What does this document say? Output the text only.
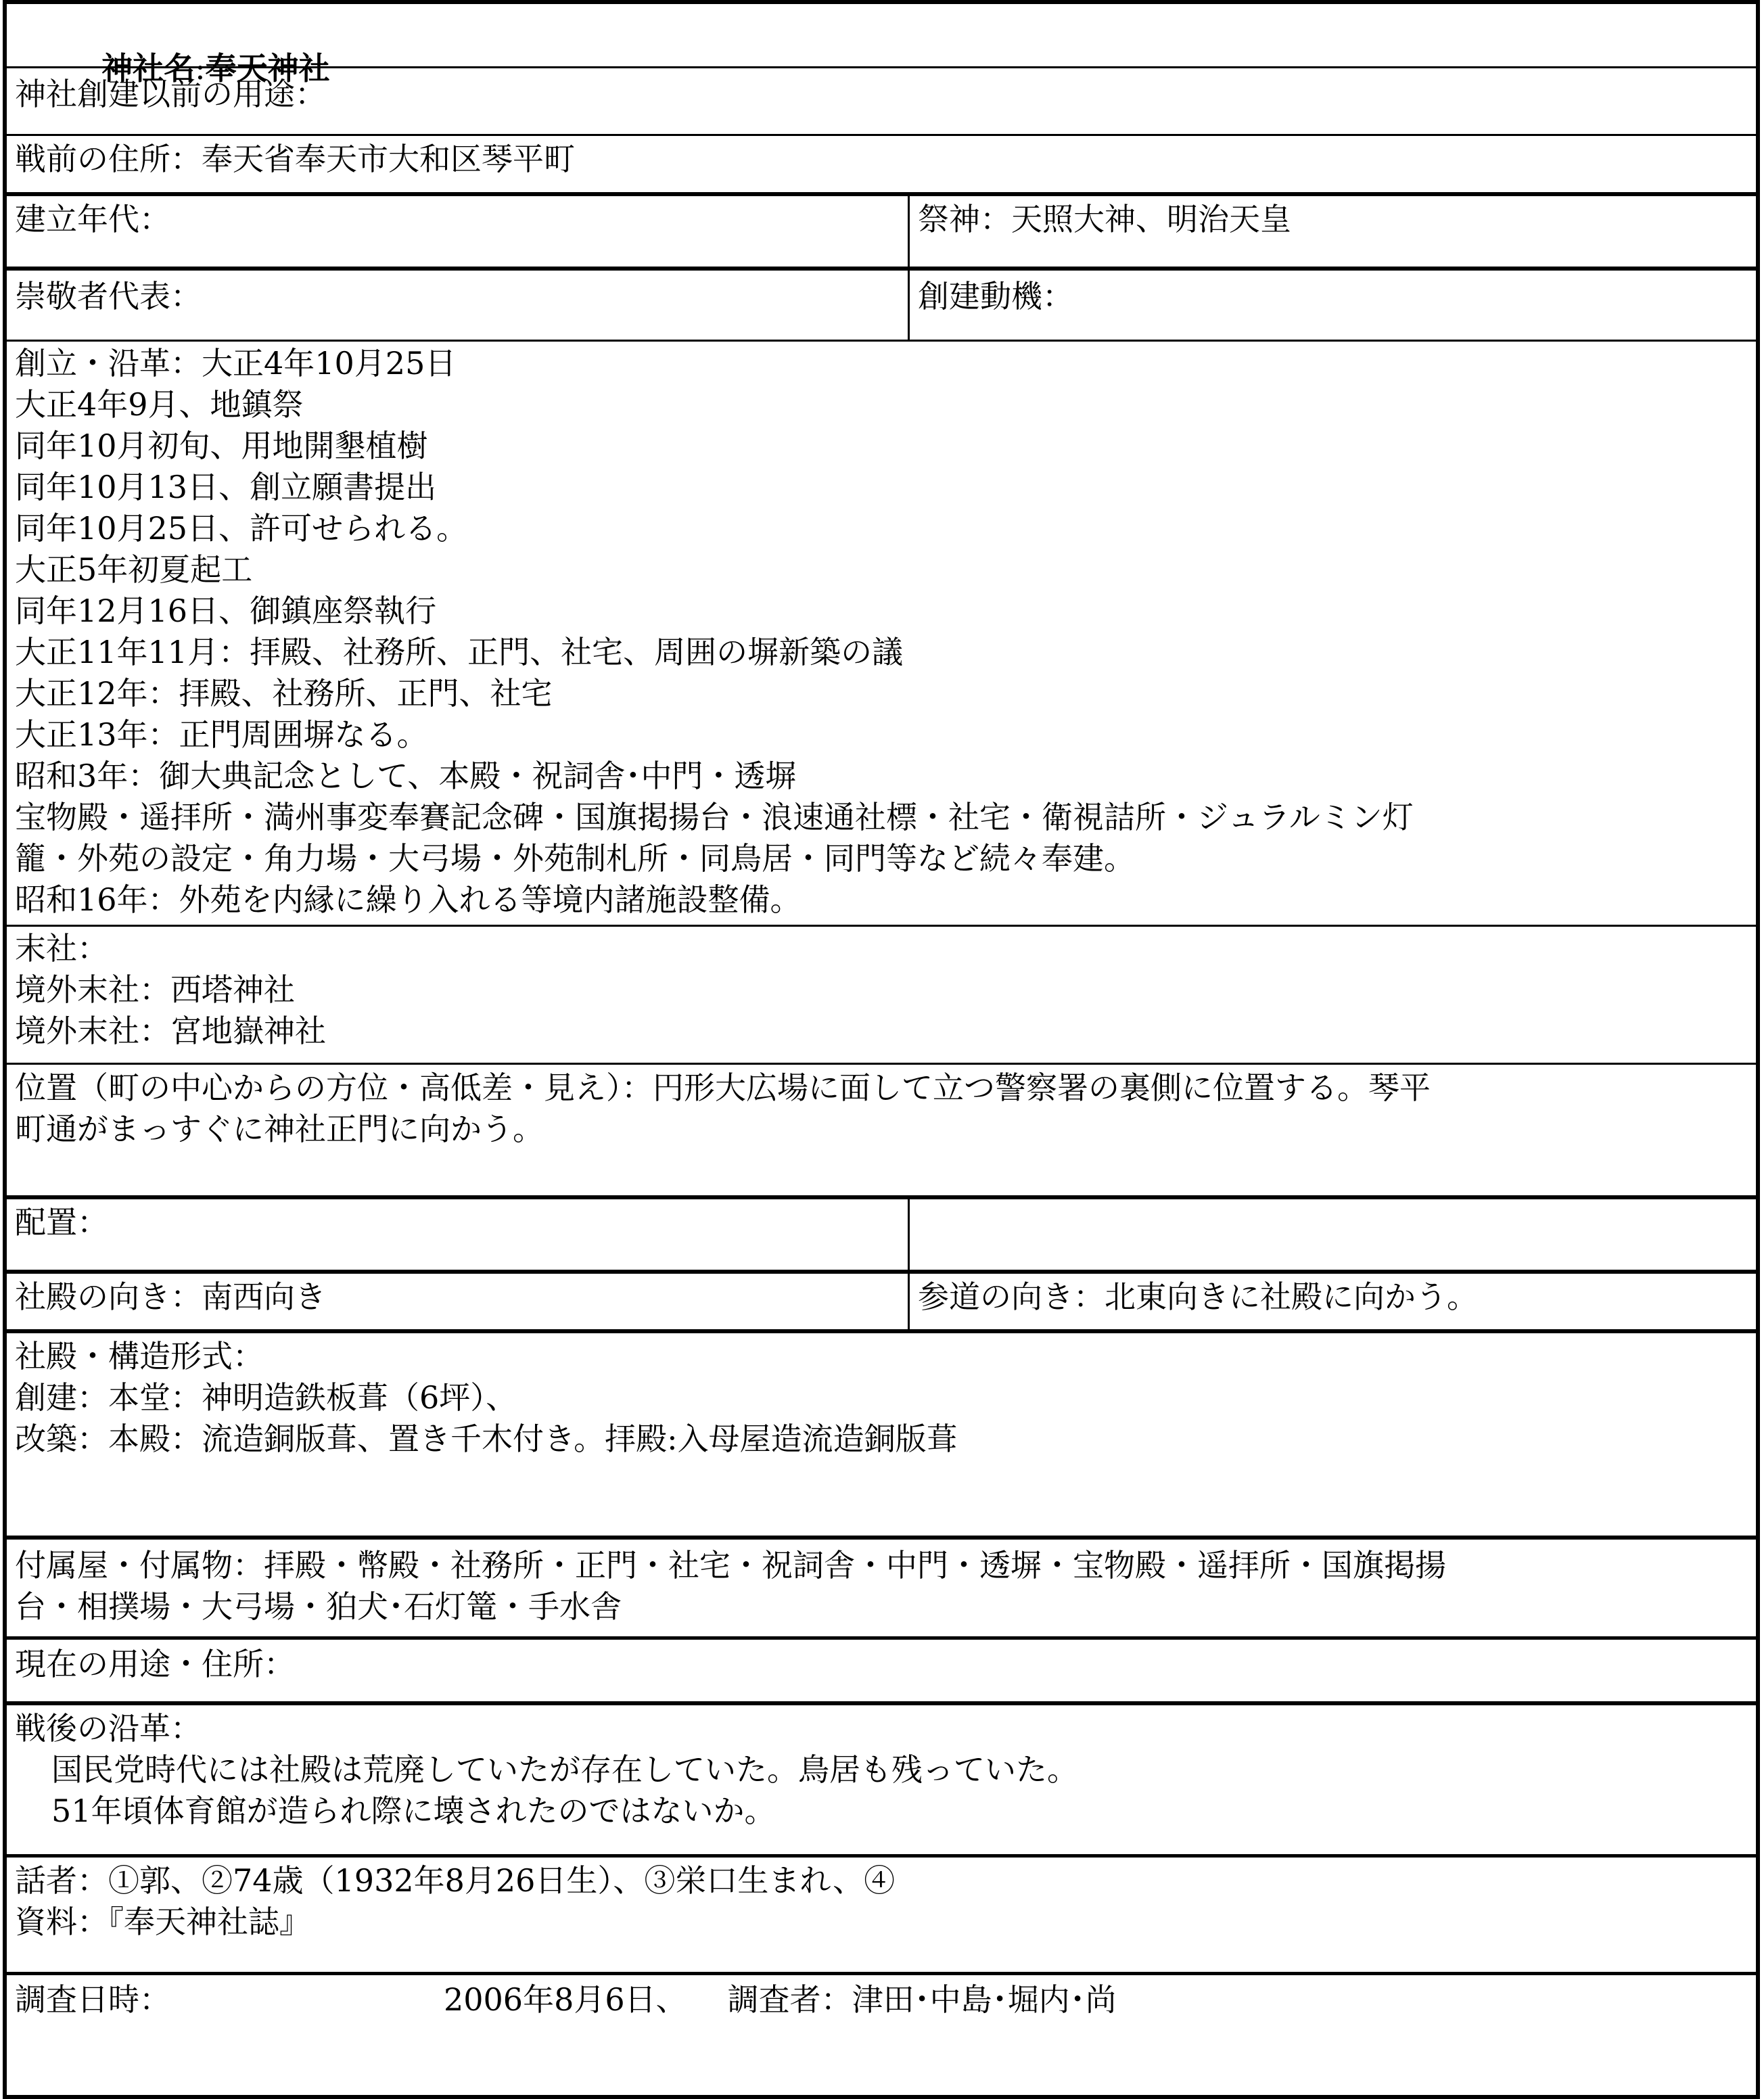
神社名:奉天神社

神社創建以前の用途：
戦前の住所：奉天省奉天市大和区琴平町
建立年代：	祭神：天照大神、明治天皇
崇敬者代表：	創建動機：
創立・沿革：大正4年10月25日
大正4年9月、地鎮祭
同年10月初旬、用地開墾植樹
同年10月13日、創立願書提出
同年10月25日、許可せられる。
大正5年初夏起工
同年12月16日、御鎮座祭執行
大正11年11月：拝殿、社務所、正門、社宅、周囲の塀新築の議
大正12年：拝殿、社務所、正門、社宅
大正13年：正門周囲塀なる。
昭和3年：御大典記念として、本殿・祝詞舎･中門・透塀
宝物殿・遥拝所・満州事変奉賽記念碑・国旗掲揚台・浪速通社標・社宅・衛視詰所・ジュラルミン灯
籠・外苑の設定・角力場・大弓場・外苑制札所・同鳥居・同門等など続々奉建。
昭和16年：外苑を内縁に繰り入れる等境内諸施設整備。
末社：
境外末社：西塔神社
境外末社：宮地嶽神社
位置（町の中心からの方位・高低差・見え）：円形大広場に面して立つ警察署の裏側に位置する。琴平
町通がまっすぐに神社正門に向かう。
配置：
社殿の向き：南西向き	参道の向き：北東向きに社殿に向かう。
社殿・構造形式：
創建：本堂：神明造鉄板葺（6坪）、
改築：本殿：流造銅版葺、置き千木付き。拝殿:入母屋造流造銅版葺
付属屋・付属物：拝殿・幣殿・社務所・正門・社宅・祝詞舎・中門・透塀・宝物殿・遥拝所・国旗掲揚
台・相撲場・大弓場・狛犬･石灯篭・手水舎
現在の用途・住所：
戦後の沿革：
国民党時代には社殿は荒廃していたが存在していた。鳥居も残っていた。
51年頃体育館が造られ際に壊されたのではないか。
話者：①郭、②74歳（1932年8月26日生）、③栄口生まれ、④
資料：『奉天神社誌』
調査日時：	2006年8月6日、 調査者：津田･中島･堀内･尚
